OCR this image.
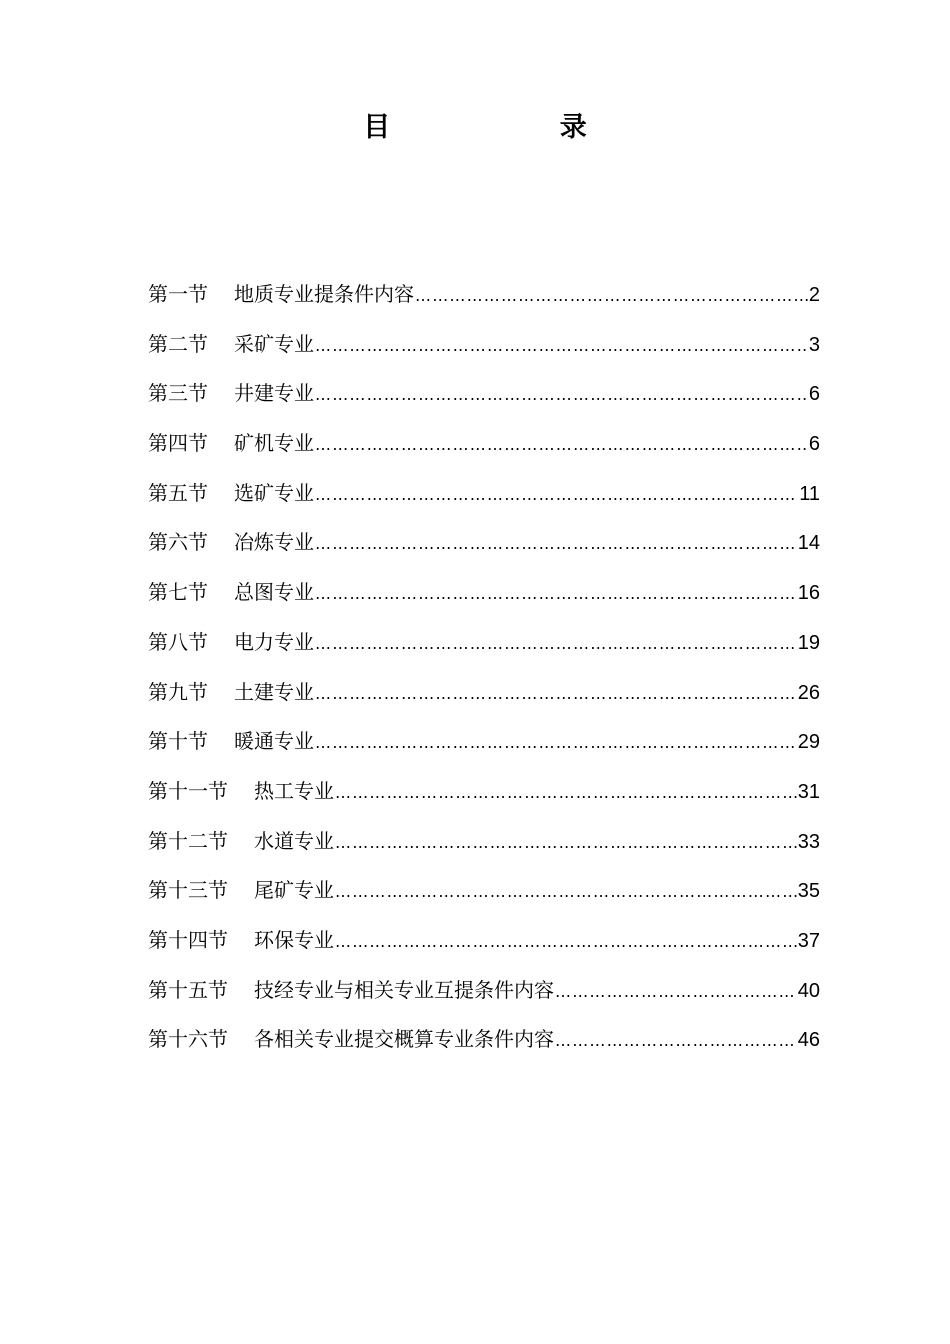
目 录
第一节 地质专业提条件内容 ………………………………………………………………………………………………………………………………………………………………………………	2
第二节 采矿专业 ………………………………………………………………………………………………………………………………………………………………………………	3
第三节 井建专业 ………………………………………………………………………………………………………………………………………………………………………………	6
第四节 矿机专业 ………………………………………………………………………………………………………………………………………………………………………………	6
第五节 选矿专业 ………………………………………………………………………………………………………………………………………………………………………………	11
第六节 冶炼专业 ………………………………………………………………………………………………………………………………………………………………………………	14
第七节 总图专业 ………………………………………………………………………………………………………………………………………………………………………………	16
第八节 电力专业 ………………………………………………………………………………………………………………………………………………………………………………	19
第九节 土建专业 ………………………………………………………………………………………………………………………………………………………………………………	26
第十节 暖通专业 ………………………………………………………………………………………………………………………………………………………………………………	29
第十一节 热工专业 ………………………………………………………………………………………………………………………………………………………………………………	31
第十二节 水道专业 ………………………………………………………………………………………………………………………………………………………………………………	33
第十三节 尾矿专业 ………………………………………………………………………………………………………………………………………………………………………………	35
第十四节 环保专业 ………………………………………………………………………………………………………………………………………………………………………………	37
第十五节 技经专业与相关专业互提条件内容 ………………………………………………………………………………………………………………………………………………………………………………	40
第十六节 各相关专业提交概算专业条件内容 ………………………………………………………………………………………………………………………………………………………………………………	46
